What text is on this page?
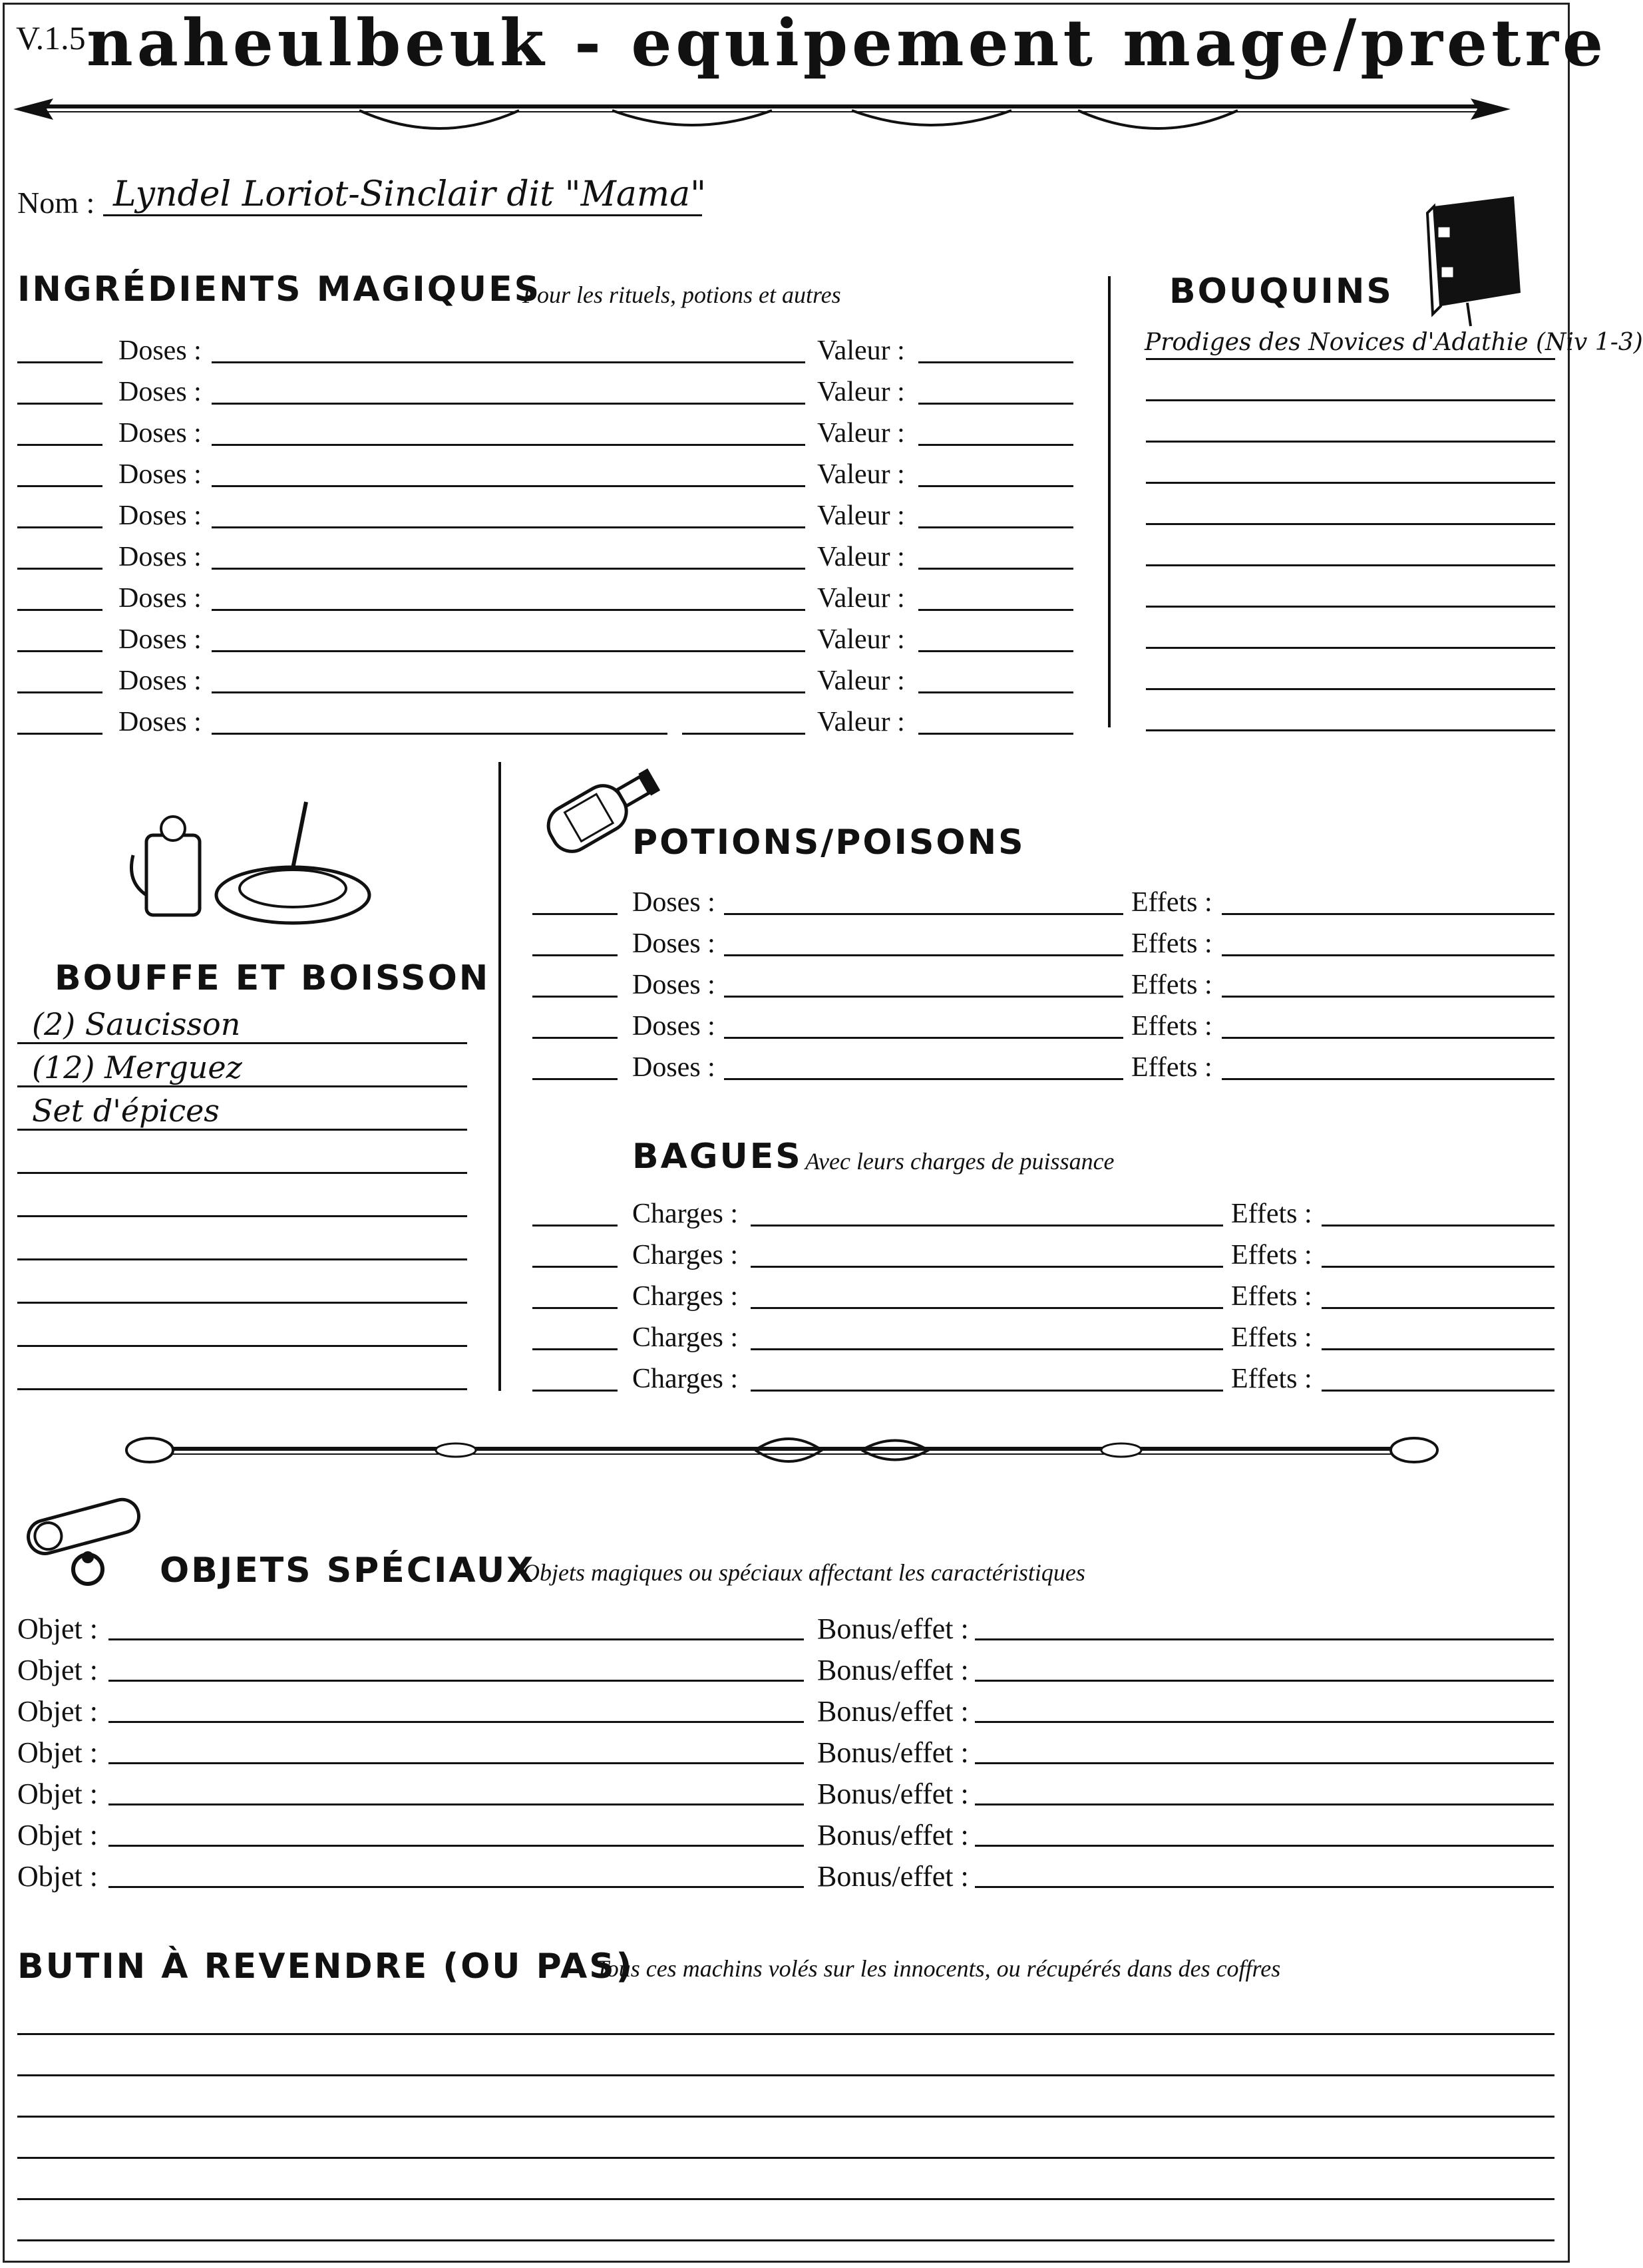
V.1.5 naheulbeuk - equipement mage/pretre
Nom : Lyndel Loriot-Sinclair dit "Mama"
INGRÉDIENTS MAGIQUES
Pour les rituels, potions et autres
Doses :	Valeur :
Doses :	Valeur :
Doses :	Valeur :
Doses :	Valeur :
Doses :	Valeur :
Doses :	Valeur :
Doses :	Valeur :
Doses :	Valeur :
Doses :	Valeur :
Doses :	Valeur :
BOUQUINS
Prodiges des Novices d'Adathie (Niv 1-3)
BOUFFE ET BOISSON
(2) Saucisson
(12) Merguez
Set d'épices
POTIONS/POISONS
Doses :	Effets :
Doses :	Effets :
Doses :	Effets :
Doses :	Effets :
Doses :	Effets :
BAGUES Avec leurs charges de puissance
Charges :	Effets :
Charges :	Effets :
Charges :	Effets :
Charges :	Effets :
Charges :	Effets :
OBJETS SPÉCIAUX
Objets magiques ou spéciaux affectant les caractéristiques
Objet :	Bonus/effet :
Objet :	Bonus/effet :
Objet :	Bonus/effet :
Objet :	Bonus/effet :
Objet :	Bonus/effet :
Objet :	Bonus/effet :
Objet :	Bonus/effet :
BUTIN À REVENDRE (OU PAS)
Tous ces machins volés sur les innocents, ou récupérés dans des coffres
